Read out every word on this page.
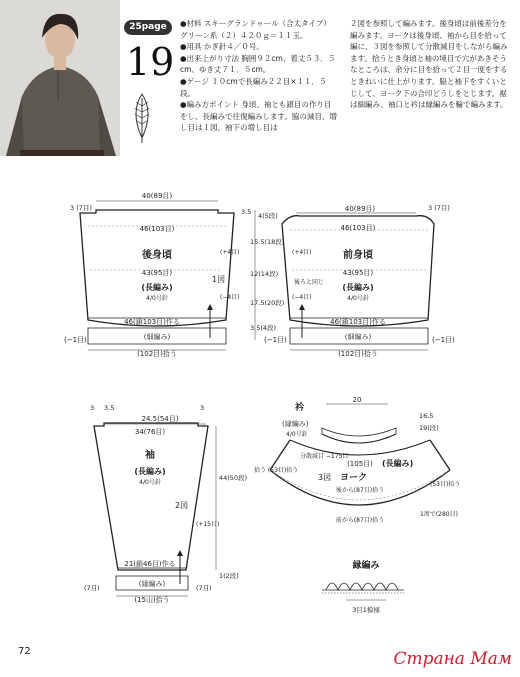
25page
19
●材料 スキーグランドゥール（合太タイプ）グリーン系（２）４２０ｇ＝１１玉。
●用具 かぎ針４／０号。
●出来上がり寸法 胸囲９２cm、着丈５３．５cm、ゆき丈７１．５cm。
●ゲージ １０cmで長編み２２目×１１．５段。
●編み方ポイント 身頃、袖とも鎖目の作り目をし、長編みで往復編みします。脇の減目、増し目は１図、袖下の増し目は
２図を参照して編みます。後身頃は前後差分を編みます。ヨークは後身頃、袖から目を拾って編に、３図を参照して分散減目をしながら編みます。拾うとき身頃と袖の境目で穴があきそうなところは、余分に目を拾って２目一度をするときれいに仕上がります。脇と袖下をすくいとじして、ヨーク下の合印どうしをとじます。裾は細編み、袖口と衿は縁編みを輪で編みます。
40(89目)
46(103目)
後身頃
43(95目)
(長編み)
4/0号針
1図
(+4目)
(−4目)
46(鎖103目)作る
(細編み)
(−1目)
(102目)拾う
3 (7目)	3.5 4(5段)
15.5(18段)
12(14段)
17.5(20段)
3.5(4段)
40(89目)
46(103目)
前身頃
43(95目)
(長編み)
4/0号針
後ろと同じ
(+4目)
(−4目)
46(鎖103目)作る
(細編み)
(−1目)	(−1目)
(102目)拾う
3 (7目)
3 3.5
24.5(54目)
3
34(76目)
袖
(長編み)
4/0号針
2図
(+15目)
21(鎖46目)作る
(縁編み)
(15山)拾う
(7目)	(7目)
44(50段)
1(2段)
衿
(縁編み)
4/0号針
20
分散減目 −175目
(105目) (長編み)
3図 ヨーク
拾う (53目)拾う
(53目)拾う
後から(87目)拾う
前から(87目)拾う
1周で(280目)
16.5
19(段)
縁編み
3目1模様
72	Страна Мам
